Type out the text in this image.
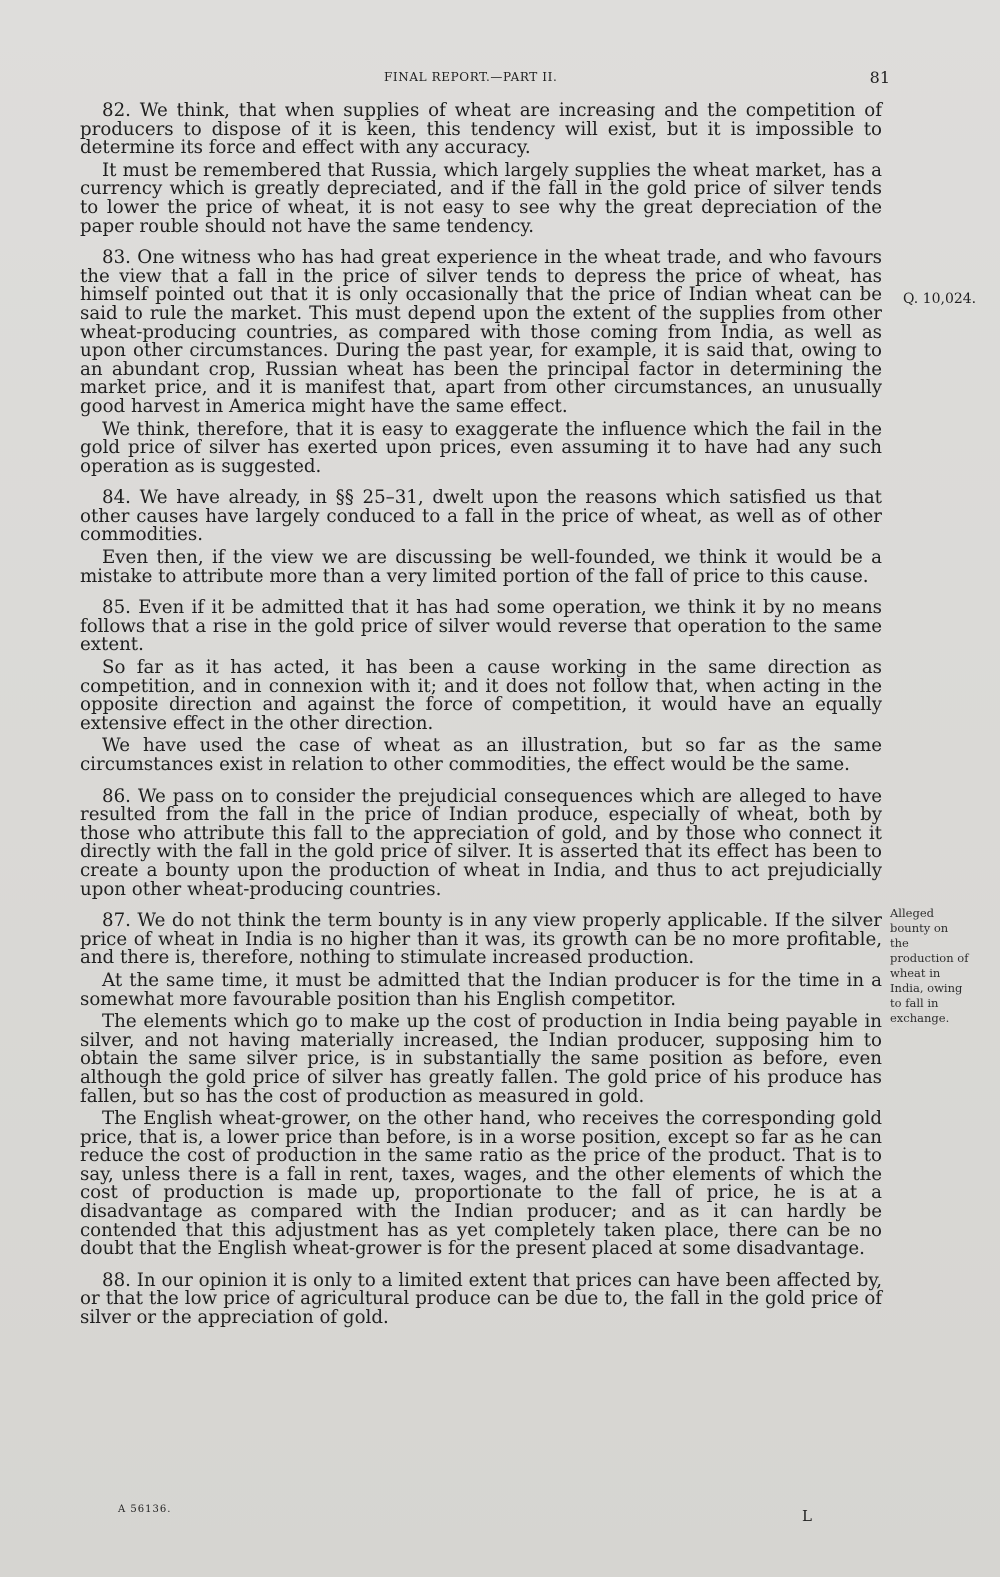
FINAL REPORT.—PART II.	81

82. We think, that when supplies of wheat are increasing and the competition of producers to dispose of it is keen, this tendency will exist, but it is impossible to determine its force and effect with any accuracy.

It must be remembered that Russia, which largely supplies the wheat market, has a currency which is greatly depreciated, and if the fall in the gold price of silver tends to lower the price of wheat, it is not easy to see why the great depreciation of the paper rouble should not have the same tendency.

83. One witness who has had great experience in the wheat trade, and who favours the view that a fall in the price of silver tends to depress the price of wheat, has himself pointed out that it is only occasionally that the price of Indian wheat can be said to rule the market. This must depend upon the extent of the supplies from other wheat-producing countries, as compared with those coming from India, as well as upon other circumstances. During the past year, for example, it is said that, owing to an abundant crop, Russian wheat has been the principal factor in determining the market price, and it is manifest that, apart from other circumstances, an unusually good harvest in America might have the same effect.

We think, therefore, that it is easy to exaggerate the influence which the fail in the gold price of silver has exerted upon prices, even assuming it to have had any such operation as is suggested.

84. We have already, in §§ 25–31, dwelt upon the reasons which satisfied us that other causes have largely conduced to a fall in the price of wheat, as well as of other commodities.

Even then, if the view we are discussing be well-founded, we think it would be a mistake to attribute more than a very limited portion of the fall of price to this cause.

85. Even if it be admitted that it has had some operation, we think it by no means follows that a rise in the gold price of silver would reverse that operation to the same extent.

So far as it has acted, it has been a cause working in the same direction as competition, and in connexion with it; and it does not follow that, when acting in the opposite direction and against the force of competition, it would have an equally extensive effect in the other direction.

We have used the case of wheat as an illustration, but so far as the same circumstances exist in relation to other commodities, the effect would be the same.

86. We pass on to consider the prejudicial consequences which are alleged to have resulted from the fall in the price of Indian produce, especially of wheat, both by those who attribute this fall to the appreciation of gold, and by those who connect it directly with the fall in the gold price of silver. It is asserted that its effect has been to create a bounty upon the production of wheat in India, and thus to act prejudicially upon other wheat-producing countries.

87. We do not think the term bounty is in any view properly applicable. If the silver price of wheat in India is no higher than it was, its growth can be no more profitable, and there is, therefore, nothing to stimulate increased production.

At the same time, it must be admitted that the Indian producer is for the time in a somewhat more favourable position than his English competitor.

The elements which go to make up the cost of production in India being payable in silver, and not having materially increased, the Indian producer, supposing him to obtain the same silver price, is in substantially the same position as before, even although the gold price of silver has greatly fallen. The gold price of his produce has fallen, but so has the cost of production as measured in gold.

The English wheat-grower, on the other hand, who receives the corresponding gold price, that is, a lower price than before, is in a worse position, except so far as he can reduce the cost of production in the same ratio as the price of the product. That is to say, unless there is a fall in rent, taxes, wages, and the other elements of which the cost of production is made up, proportionate to the fall of price, he is at a disadvantage as compared with the Indian producer; and as it can hardly be contended that this adjustment has as yet completely taken place, there can be no doubt that the English wheat-grower is for the present placed at some disadvantage.

88. In our opinion it is only to a limited extent that prices can have been affected by, or that the low price of agricultural produce can be due to, the fall in the gold price of silver or the appreciation of gold.

Q. 10,024.
Alleged bounty on the production of wheat in India, owing to fall in exchange.
A 56136.	L
